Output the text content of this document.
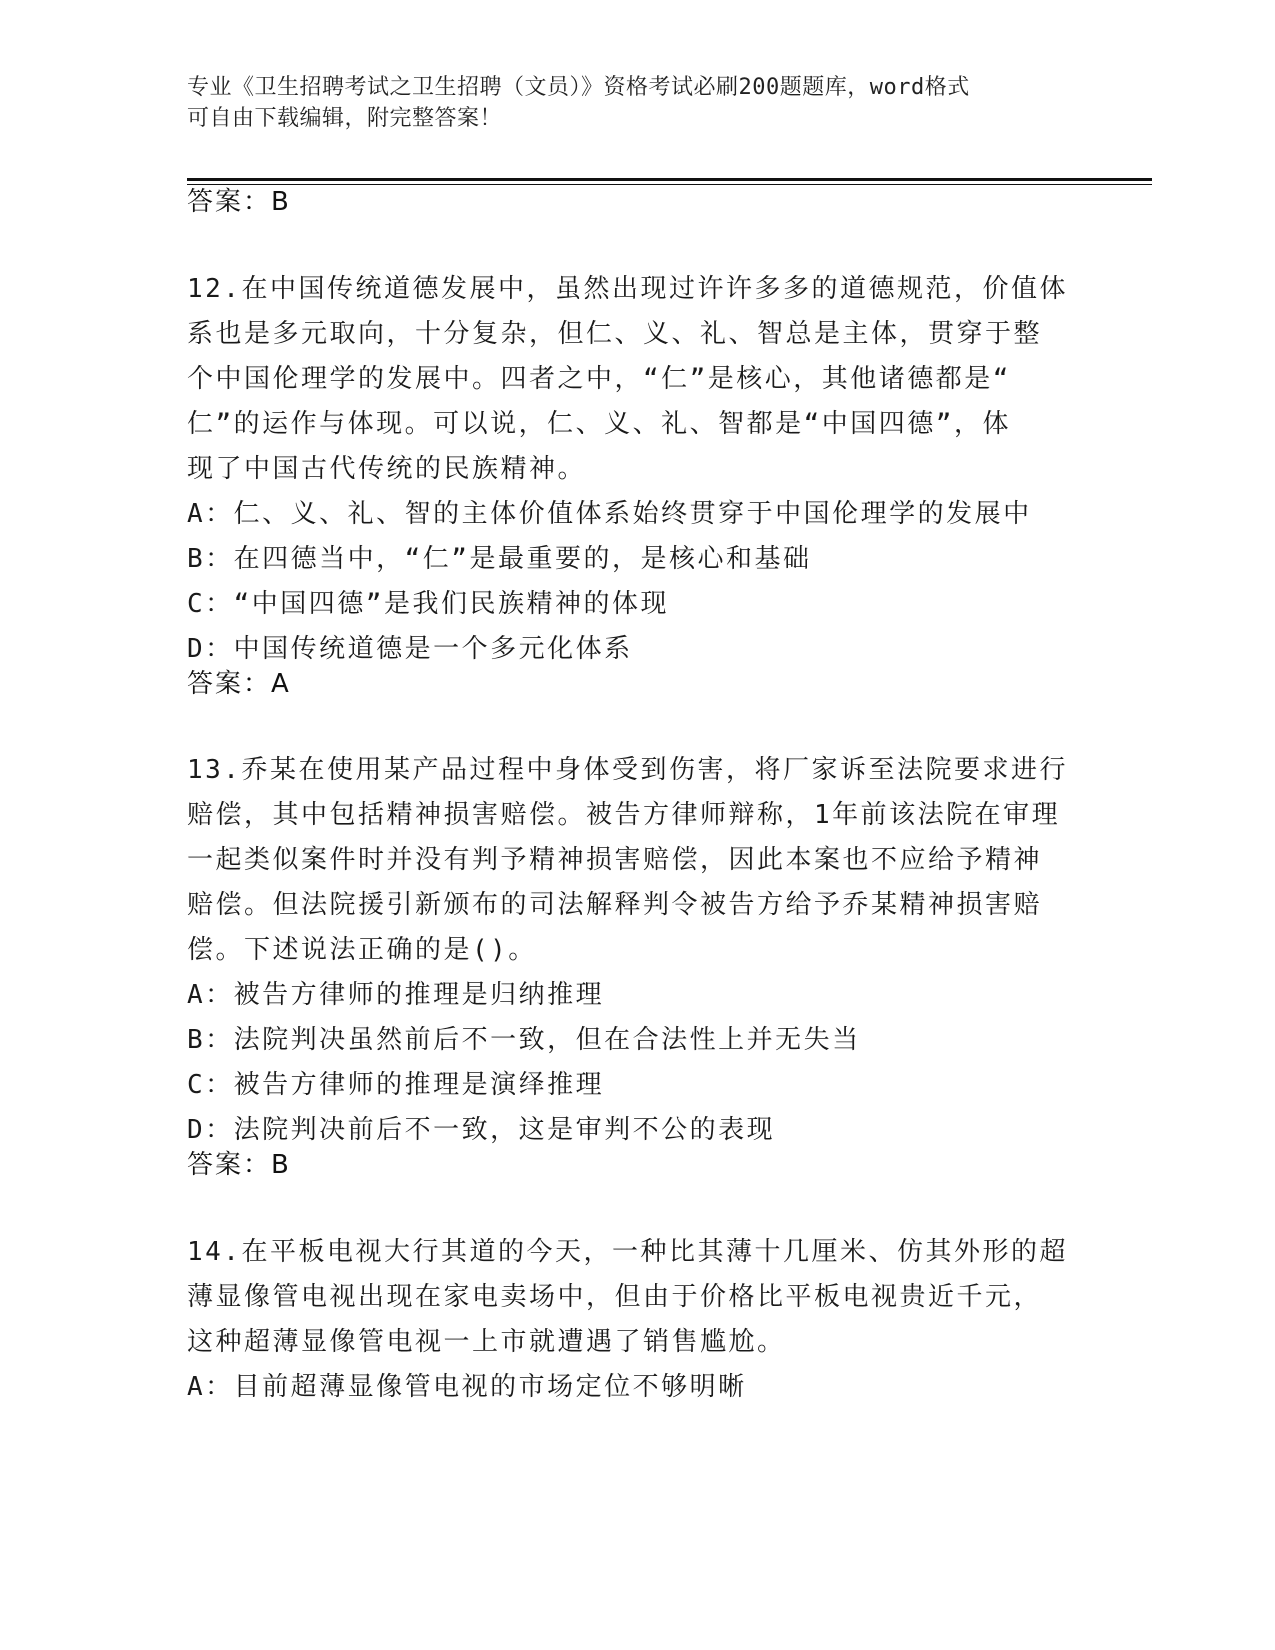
专业《卫生招聘考试之卫生招聘（文员）》资格考试必刷200题题库，word格式
可自由下载编辑，附完整答案！
答案：B

12.在中国传统道德发展中，虽然出现过许许多多的道德规范，价值体

系也是多元取向，十分复杂，但仁、义、礼、智总是主体，贯穿于整

个中国伦理学的发展中。四者之中，“仁”是核心，其他诸德都是“

仁”的运作与体现。可以说，仁、义、礼、智都是“中国四德”，体

现了中国古代传统的民族精神。

A：仁、义、礼、智的主体价值体系始终贯穿于中国伦理学的发展中

B：在四德当中，“仁”是最重要的，是核心和基础

C：“中国四德”是我们民族精神的体现

D：中国传统道德是一个多元化体系

答案：A

13.乔某在使用某产品过程中身体受到伤害，将厂家诉至法院要求进行

赔偿，其中包括精神损害赔偿。被告方律师辩称，1年前该法院在审理

一起类似案件时并没有判予精神损害赔偿，因此本案也不应给予精神

赔偿。但法院援引新颁布的司法解释判令被告方给予乔某精神损害赔

偿。下述说法正确的是()。

A：被告方律师的推理是归纳推理

B：法院判决虽然前后不一致，但在合法性上并无失当

C：被告方律师的推理是演绎推理

D：法院判决前后不一致，这是审判不公的表现

答案：B

14.在平板电视大行其道的今天，一种比其薄十几厘米、仿其外形的超

薄显像管电视出现在家电卖场中，但由于价格比平板电视贵近千元，

这种超薄显像管电视一上市就遭遇了销售尴尬。

A：目前超薄显像管电视的市场定位不够明晰
